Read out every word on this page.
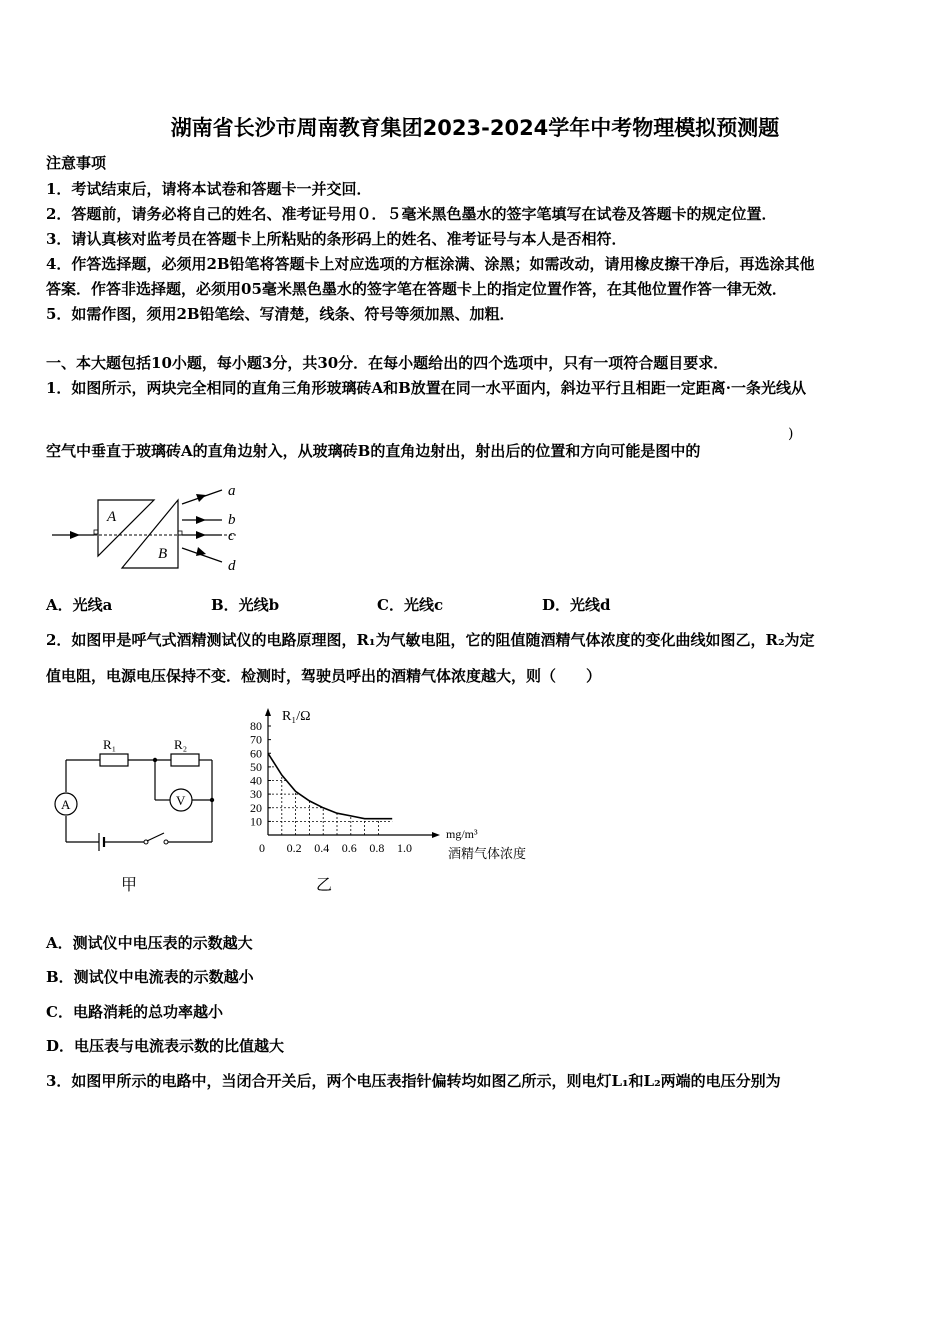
湖南省长沙市周南教育集团2023-2024学年中考物理模拟预测题
注意事项
1．考试结束后，请将本试卷和答题卡一并交回．
2．答题前，请务必将自己的姓名、准考证号用０．５毫米黑色墨水的签字笔填写在试卷及答题卡的规定位置．
3．请认真核对监考员在答题卡上所粘贴的条形码上的姓名、准考证号与本人是否相符．
4．作答选择题，必须用2B铅笔将答题卡上对应选项的方框涂满、涂黑；如需改动，请用橡皮擦干净后，再选涂其他
答案．作答非选择题，必须用05毫米黑色墨水的签字笔在答题卡上的指定位置作答，在其他位置作答一律无效．
5．如需作图，须用2B铅笔绘、写清楚，线条、符号等须加黑、加粗．
一、本大题包括10小题，每小题3分，共30分．在每小题给出的四个选项中，只有一项符合题目要求．
1．如图所示，两块完全相同的直角三角形玻璃砖A和B放置在同一水平面内，斜边平行且相距一定距离·一条光线从
空气中垂直于玻璃砖A的直角边射入，从玻璃砖B的直角边射出，射出后的位置和方向可能是图中的
)
A
B
a
b
c
d
A．光线a	B．光线b	C．光线c	D．光线d
2．如图甲是呼气式酒精测试仪的电路原理图，R₁为气敏电阻，它的阻值随酒精气体浓度的变化曲线如图乙，R₂为定
值电阻，电源电压保持不变．检测时，驾驶员呼出的酒精气体浓度越大，则（　　）
A	V
R₁	R₂
甲
10
20
30
40
50
60
70
80
0.2 0.4 0.6 0.8 1.0
R₁/Ω
mg/m³
酒精气体浓度
0
乙
A．测试仪中电压表的示数越大
B．测试仪中电流表的示数越小
C．电路消耗的总功率越小
D．电压表与电流表示数的比值越大
3．如图甲所示的电路中，当闭合开关后，两个电压表指针偏转均如图乙所示，则电灯L₁和L₂两端的电压分别为
